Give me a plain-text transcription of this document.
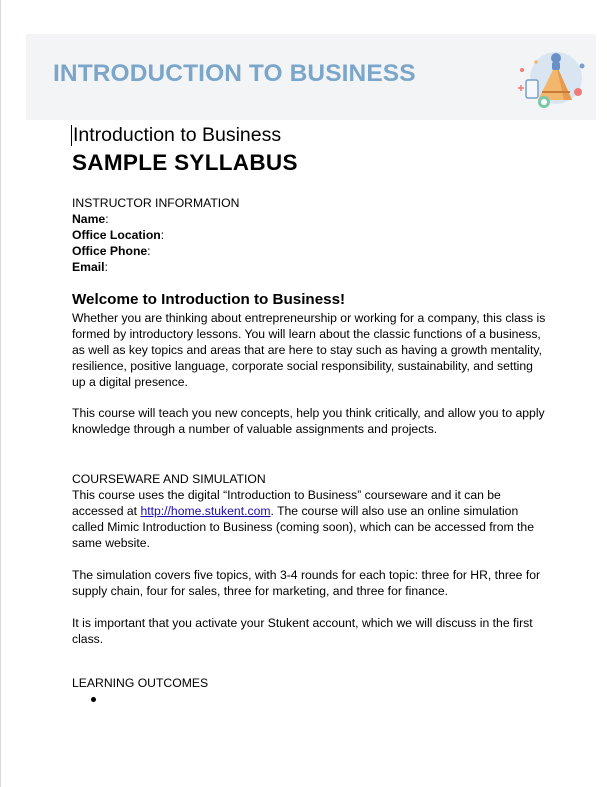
INTRODUCTION TO BUSINESS
Introduction to Business
SAMPLE SYLLABUS
INSTRUCTOR INFORMATION
Name:
Office Location:
Office Phone:
Email:
Welcome to Introduction to Business!
Whether you are thinking about entrepreneurship or working for a company, this class is
formed by introductory lessons. You will learn about the classic functions of a business,
as well as key topics and areas that are here to stay such as having a growth mentality,
resilience, positive language, corporate social responsibility, sustainability, and setting
up a digital presence.
This course will teach you new concepts, help you think critically, and allow you to apply
knowledge through a number of valuable assignments and projects.
COURSEWARE AND SIMULATION
This course uses the digital “Introduction to Business” courseware and it can be
accessed at http://home.stukent.com. The course will also use an online simulation
called Mimic Introduction to Business (coming soon), which can be accessed from the
same website.
The simulation covers five topics, with 3-4 rounds for each topic: three for HR, three for
supply chain, four for sales, three for marketing, and three for finance.
It is important that you activate your Stukent account, which we will discuss in the first
class.
LEARNING OUTCOMES
